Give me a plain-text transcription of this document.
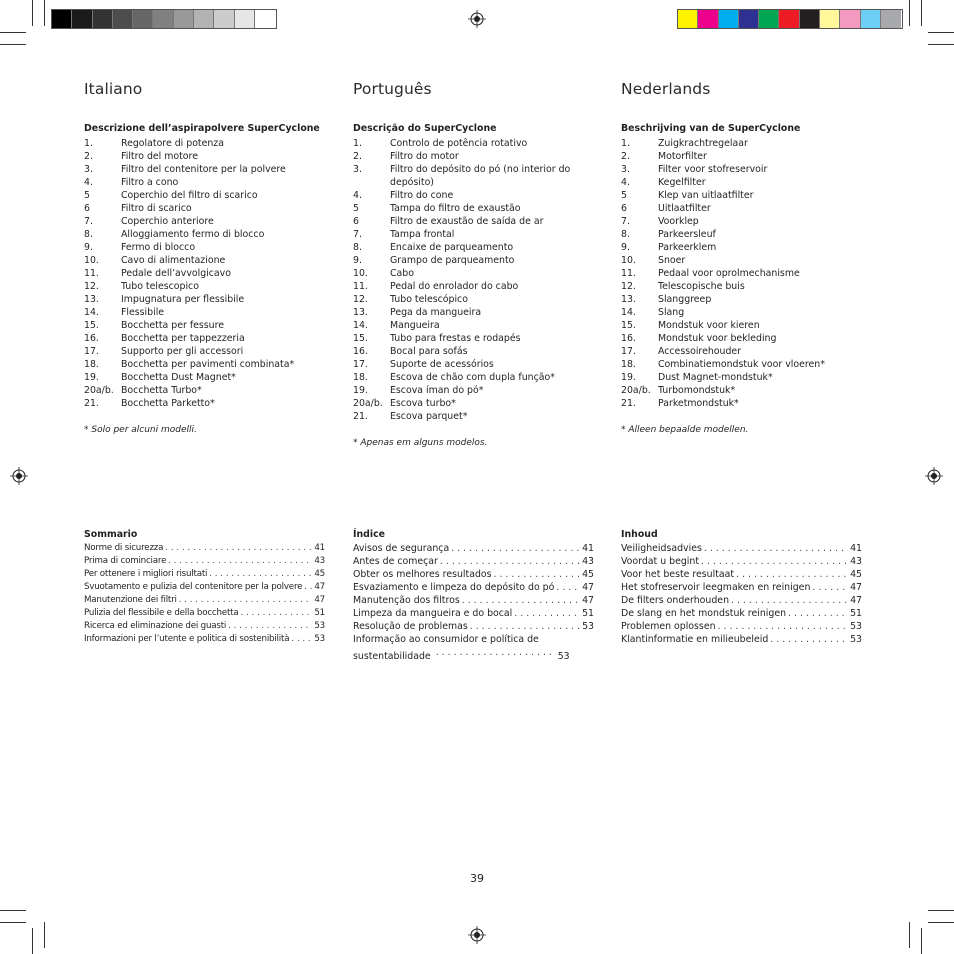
Italiano

Descrizione dell’aspirapolvere SuperCyclone

1.	Regolatore di potenza
2.	Filtro del motore
3.	Filtro del contenitore per la polvere
4.	Filtro a cono
5	Coperchio del filtro di scarico
6	Filtro di scarico
7.	Coperchio anteriore
8.	Alloggiamento fermo di blocco
9.	Fermo di blocco
10.	Cavo di alimentazione
11.	Pedale dell’avvolgicavo
12.	Tubo telescopico
13.	Impugnatura per flessibile
14.	Flessibile
15.	Bocchetta per fessure
16.	Bocchetta per tappezzeria
17.	Supporto per gli accessori
18.	Bocchetta per pavimenti combinata*
19.	Bocchetta Dust Magnet*
20a/b. Bocchetta Turbo*
21.	Bocchetta Parketto*

* Solo per alcuni modelli.

Sommario

Norme di sicurezza . . .	41
Prima di cominciare . . .	43
Per ottenere i migliori risultati . . .	45
Svuotamento e pulizia del contenitore per la polvere . . . 47
Manutenzione dei filtri . . .	47
Pulizia del flessibile e della bocchetta . . .	51
Ricerca ed eliminazione dei guasti . . .	53
Informazioni per l’utente e politica di sostenibilità . . .	53
Português

Descrição do SuperCyclone

1.	Controlo de potência rotativo
2.	Filtro do motor
3.	Filtro do depósito do pó (no interior do depósito)
4.	Filtro do cone
5	Tampa do filtro de exaustão
6	Filtro de exaustão de saída de ar
7.	Tampa frontal
8.	Encaixe de parqueamento
9.	Grampo de parqueamento
10.	Cabo
11.	Pedal do enrolador do cabo
12.	Tubo telescópico
13.	Pega da mangueira
14.	Mangueira
15.	Tubo para frestas e rodapés
16.	Bocal para sofás
17.	Suporte de acessórios
18.	Escova de chão com dupla função*
19.	Escova íman do pó*
20a/b. Escova turbo*
21.	Escova parquet*

* Apenas em alguns modelos.

Índice

Avisos de segurança . . .	41
Antes de começar . . .	43
Obter os melhores resultados . . .	45
Esvaziamento e limpeza do depósito do pó . . .	47
Manutenção dos filtros . . .	47
Limpeza da mangueira e do bocal . . .	51
Resolução de problemas . . .	53
Informação ao consumidor e política de sustentabilidade . . .	53
Nederlands

Beschrijving van de SuperCyclone

1.	Zuigkrachtregelaar
2.	Motorfilter
3.	Filter voor stofreservoir
4.	Kegelfilter
5	Klep van uitlaatfilter
6	Uitlaatfilter
7.	Voorklep
8.	Parkeersleuf
9.	Parkeerklem
10.	Snoer
11.	Pedaal voor oprolmechanisme
12.	Telescopische buis
13.	Slanggreep
14.	Slang
15.	Mondstuk voor kieren
16.	Mondstuk voor bekleding
17.	Accessoirehouder
18.	Combinatiemondstuk voor vloeren*
19.	Dust Magnet-mondstuk*
20a/b. Turbomondstuk*
21.	Parketmondstuk*

* Alleen bepaalde modellen.

Inhoud

Veiligheidsadvies . . .	41
Voordat u begint . . .	43
Voor het beste resultaat . . .	45
Het stofreservoir leegmaken en reinigen . . .	47
De filters onderhouden . . .	47
De slang en het mondstuk reinigen . . .	51
Problemen oplossen . . .	53
Klantinformatie en milieubeleid . . .	53
39
